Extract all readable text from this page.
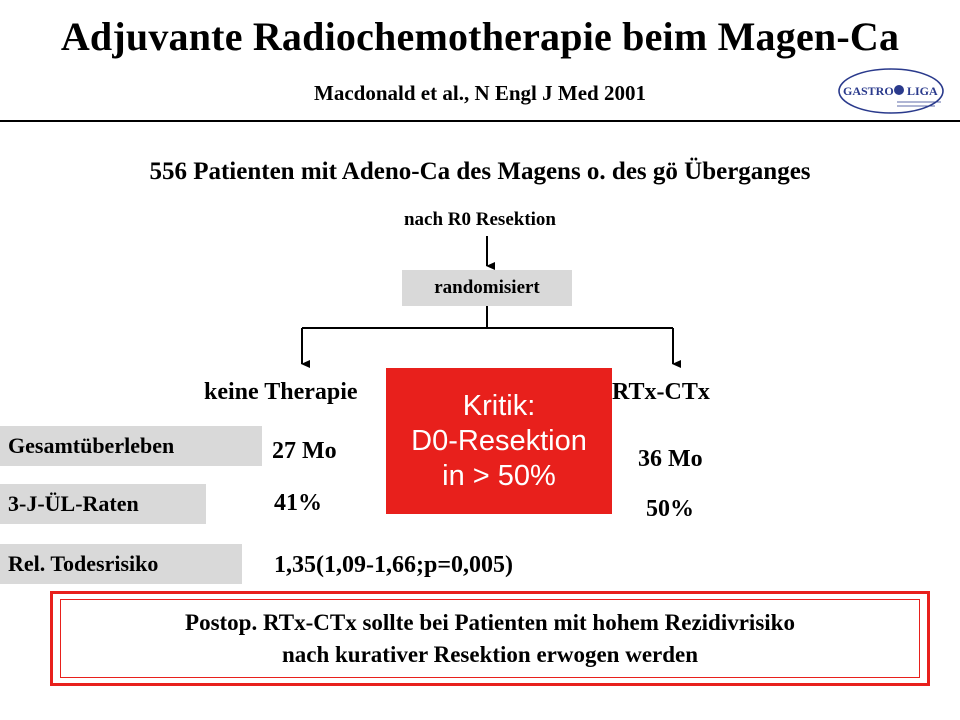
Adjuvante Radiochemotherapie beim Magen-Ca
Macdonald et al., N Engl J Med 2001	GASTRO LIGA
556 Patienten mit Adeno-Ca des Magens o. des gö Überganges
nach R0 Resektion
randomisiert
keine Therapie	RTx-CTx
Gesamtüberleben	27 Mo	36 Mo
3-J-ÜL-Raten	41%	50%
Rel. Todesrisiko	1,35(1,09-1,66;p=0,005)
Kritik:
D0-Resektion
in > 50%
Postop. RTx-CTx sollte bei Patienten mit hohem Rezidivrisiko
nach kurativer Resektion erwogen werden
